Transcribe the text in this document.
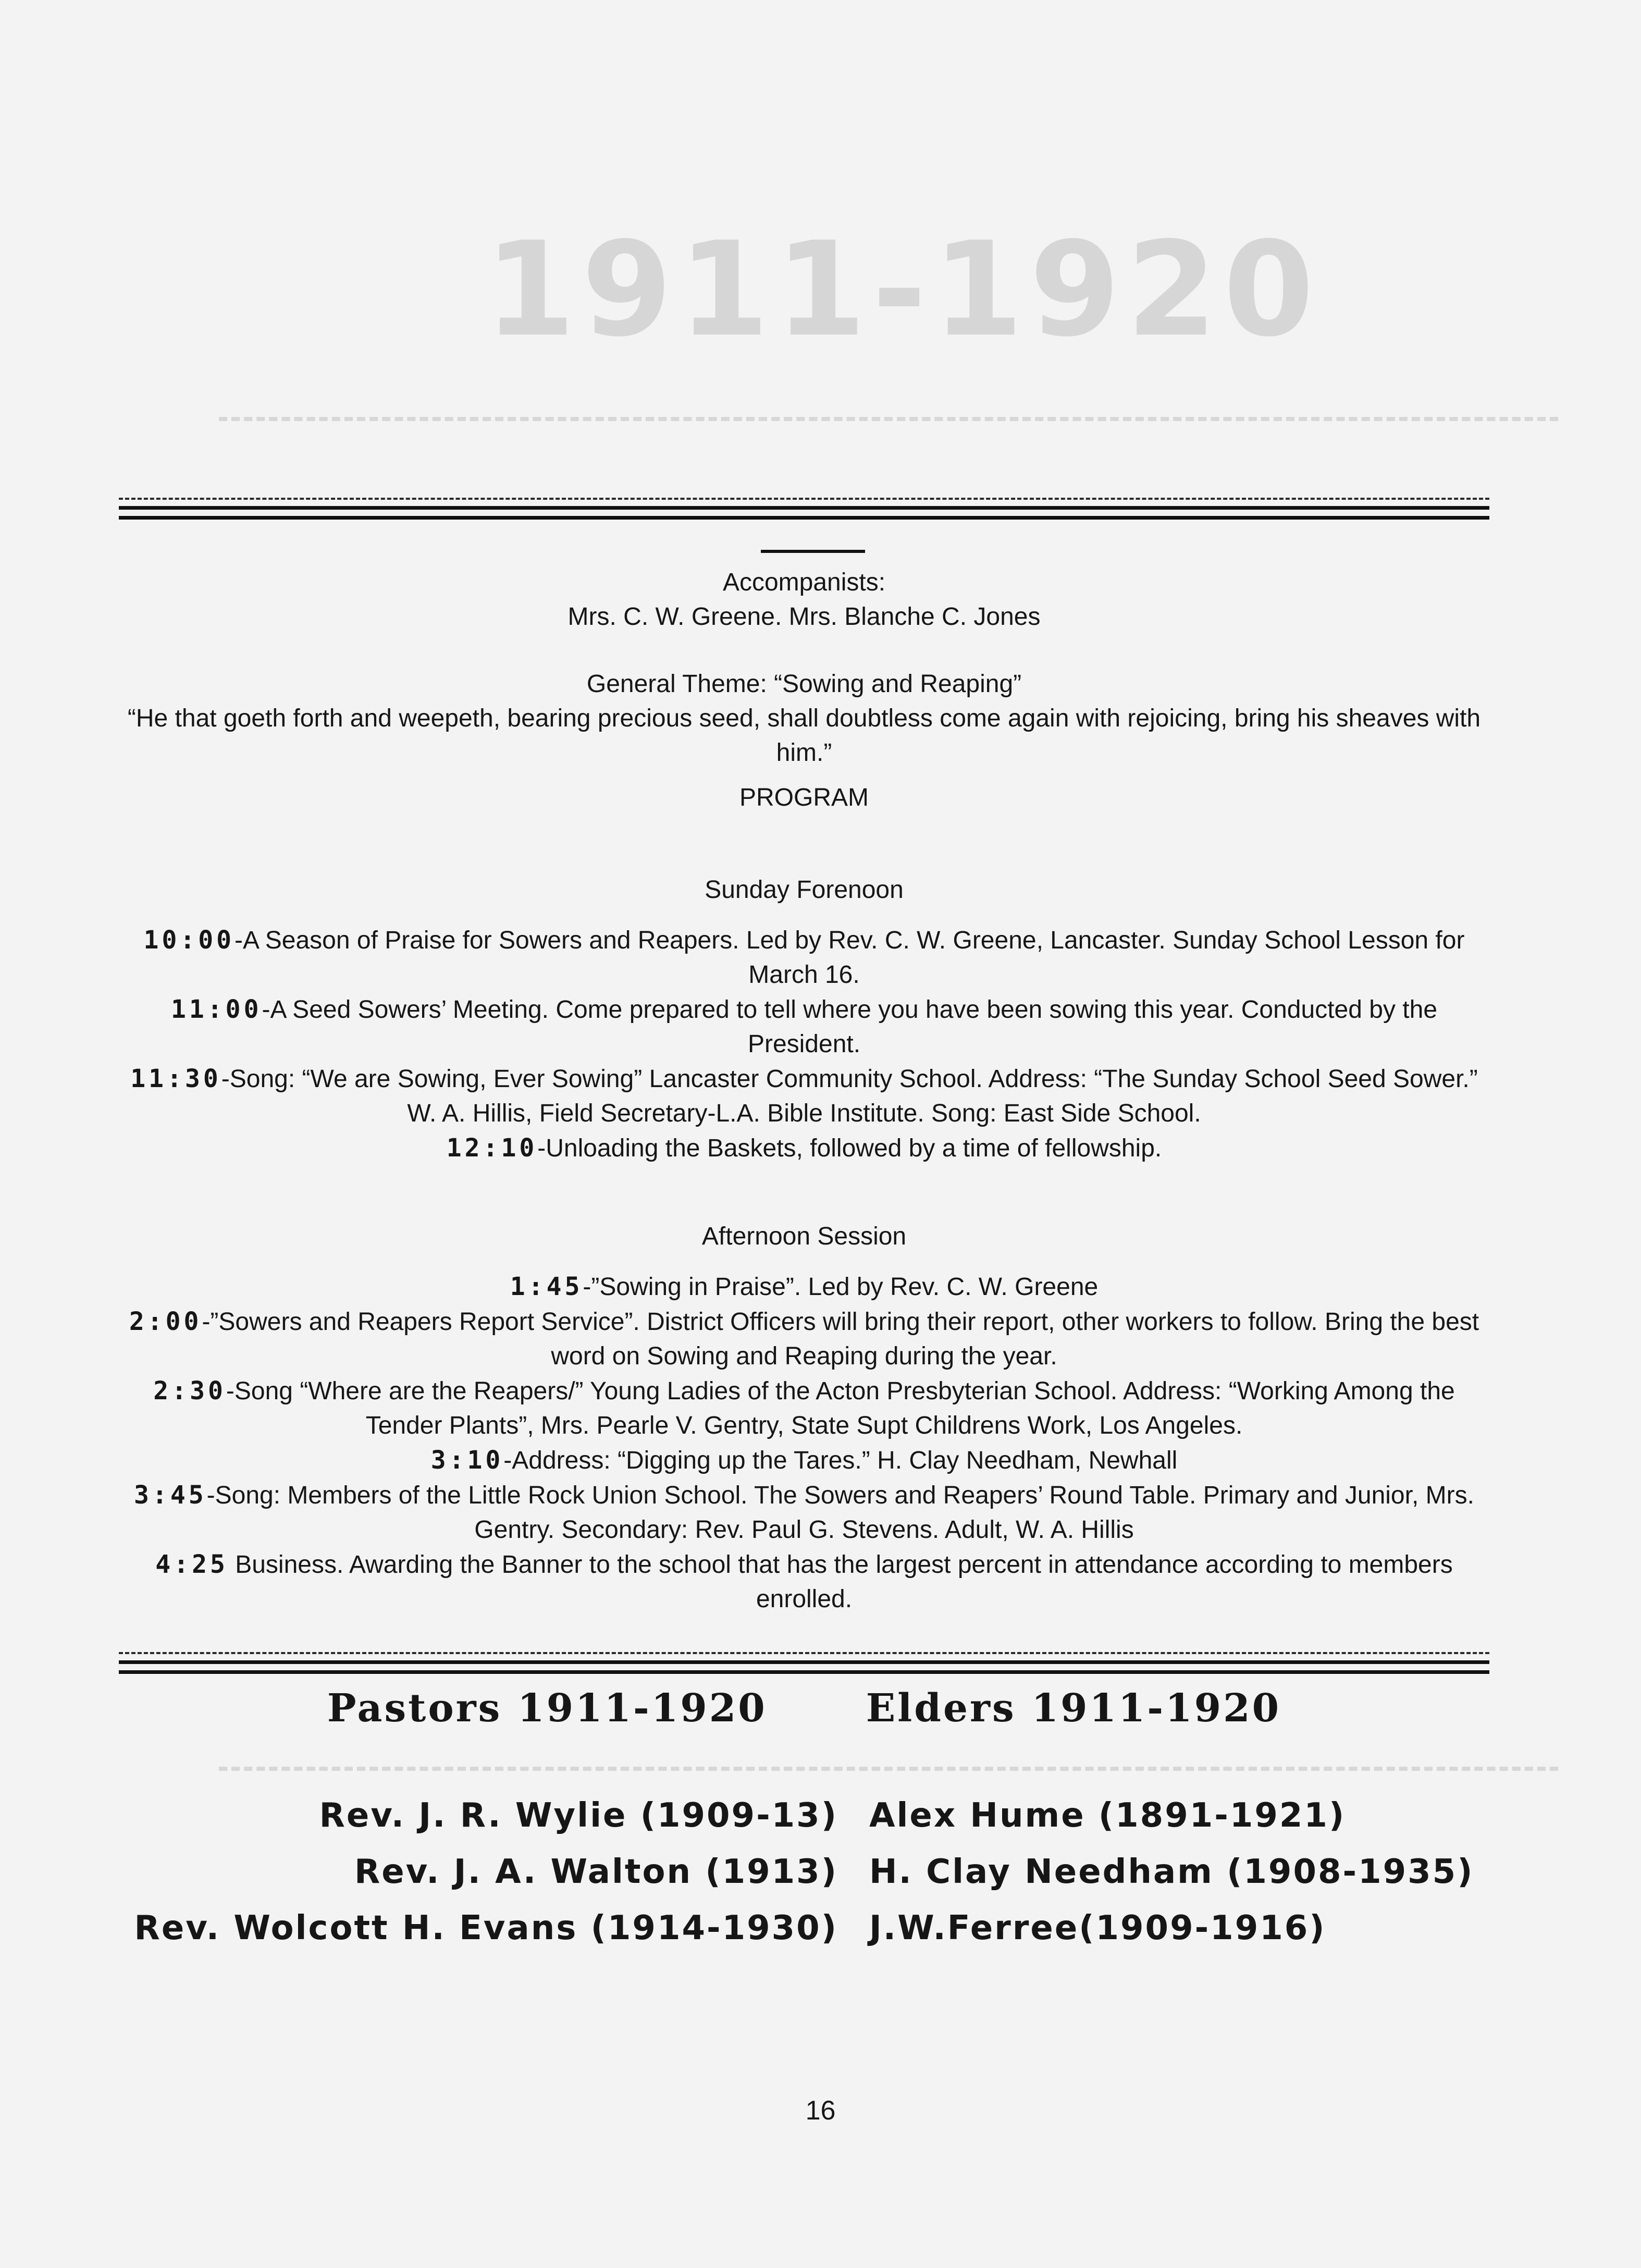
1911-1920

Accompanists:

Mrs. C. W. Greene. Mrs. Blanche C. Jones

General Theme: “Sowing and Reaping”

“He that goeth forth and weepeth, bearing precious seed, shall doubtless come again with rejoicing, bring his sheaves with him.”

PROGRAM

Sunday Forenoon

10:00-A Season of Praise for Sowers and Reapers. Led by Rev. C. W. Greene, Lancaster. Sunday School Lesson for March 16.

11:00-A Seed Sowers’ Meeting. Come prepared to tell where you have been sowing this year. Conducted by the President.

11:30-Song: “We are Sowing, Ever Sowing” Lancaster Community School. Address: “The Sunday School Seed Sower.” W. A. Hillis, Field Secretary-L.A. Bible Institute. Song: East Side School.

12:10-Unloading the Baskets, followed by a time of fellowship.

Afternoon Session

1:45-”Sowing in Praise”. Led by Rev. C. W. Greene

2:00-”Sowers and Reapers Report Service”. District Officers will bring their report, other workers to follow. Bring the best word on Sowing and Reaping during the year.

2:30-Song “Where are the Reapers/” Young Ladies of the Acton Presbyterian School. Address: “Working Among the Tender Plants”, Mrs. Pearle V. Gentry, State Supt Childrens Work, Los Angeles.

3:10-Address: “Digging up the Tares.” H. Clay Needham, Newhall

3:45-Song: Members of the Little Rock Union School. The Sowers and Reapers’ Round Table. Primary and Junior, Mrs. Gentry. Secondary: Rev. Paul G. Stevens. Adult, W. A. Hillis

4:25 Business. Awarding the Banner to the school that has the largest percent in attendance according to members enrolled.

Pastors 1911-1920	Elders 1911-1920
Rev. J. R. Wylie (1909-13)
Rev. J. A. Walton (1913)
Rev. Wolcott H. Evans (1914-1930)
Alex Hume (1891-1921)
H. Clay Needham (1908-1935)
J.W.Ferree(1909-1916)
16
